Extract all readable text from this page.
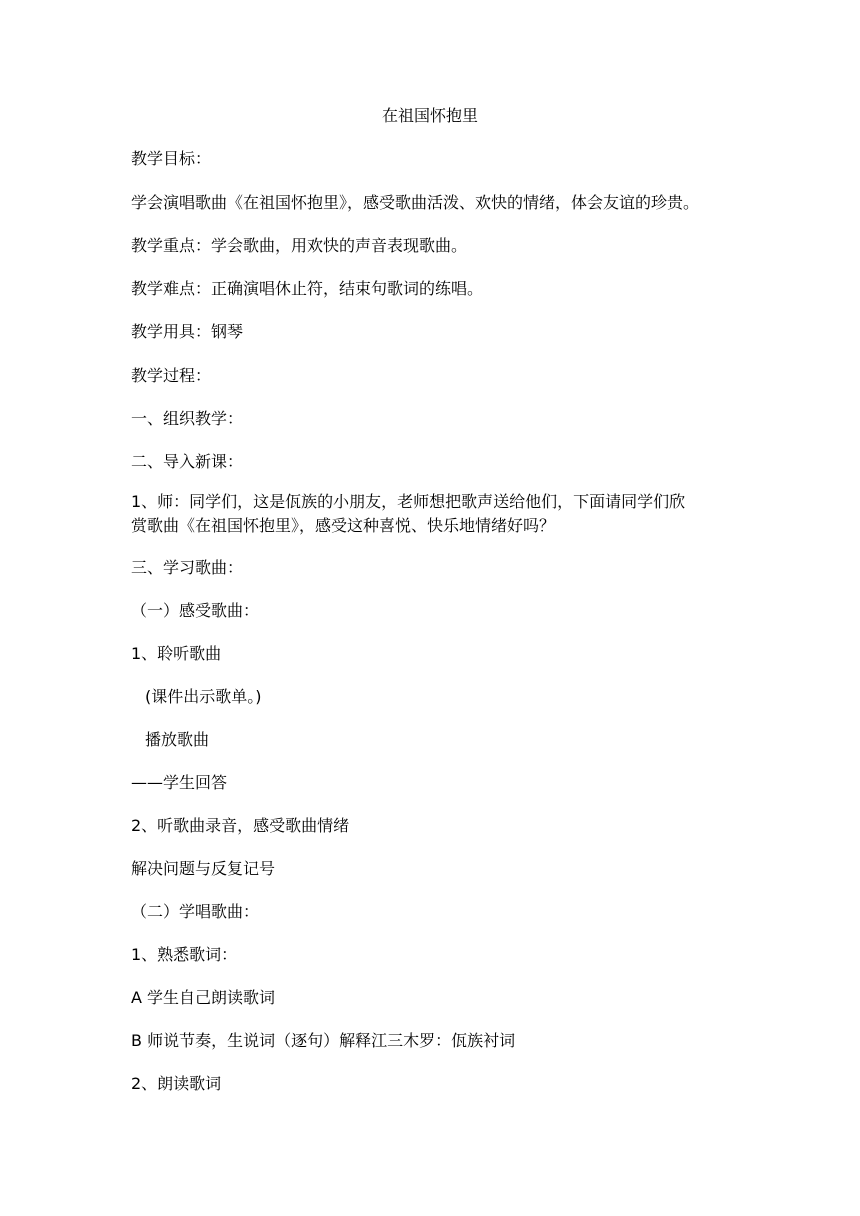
在祖国怀抱里
教学目标：
学会演唱歌曲《在祖国怀抱里》，感受歌曲活泼、欢快的情绪，体会友谊的珍贵。
教学重点：学会歌曲，用欢快的声音表现歌曲。
教学难点：正确演唱休止符，结束句歌词的练唱。
教学用具：钢琴
教学过程：
一、组织教学：
二、导入新课：
1、师：同学们，这是佤族的小朋友，老师想把歌声送给他们，下面请同学们欣
赏歌曲《在祖国怀抱里》，感受这种喜悦、快乐地情绪好吗？
三、学习歌曲：
（一）感受歌曲：
1、聆听歌曲
(课件出示歌单。)
播放歌曲
——学生回答
2、听歌曲录音，感受歌曲情绪
解决问题与反复记号
（二）学唱歌曲：
1、熟悉歌词：
A 学生自己朗读歌词
B 师说节奏，生说词（逐句）解释江三木罗：佤族衬词
2、朗读歌词
